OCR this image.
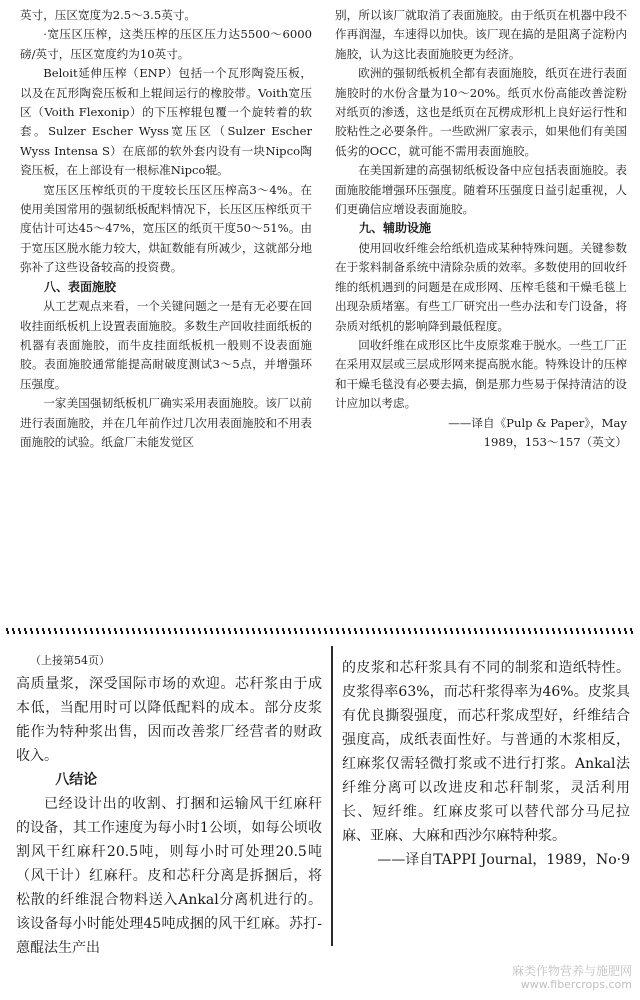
英寸，压区宽度为2.5～3.5英寸。

·宽压区压榨，这类压榨的压区压力达5500～6000磅/英寸，压区宽度约为10英寸。

Beloit延伸压榨（ENP）包括一个瓦形陶瓷压板，以及在瓦形陶瓷压板和上辊间运行的橡胶带。Voith宽压区（Voith Flexonip）的下压榨辊包覆一个旋转着的软套。Sulzer Escher Wyss宽压区（Sulzer Escher Wyss Intensa S）在底部的软外套内设有一块Nipco陶瓷压板，在上部设有一根标准Nipco辊。

宽压区压榨纸页的干度较长压区压榨高3～4%。在使用美国常用的强韧纸板配料情况下，长压区压榨纸页干度估计可达45～47%，宽压区的纸页干度50～51%。由于宽压区脱水能力较大，烘缸数能有所减少，这就部分地弥补了这些设备较高的投资费。

八、表面施胶

从工艺观点来看，一个关键问题之一是有无必要在回收挂面纸板机上设置表面施胶。多数生产回收挂面纸板的机器有表面施胶，而牛皮挂面纸板机一般则不设表面施胶。表面施胶通常能提高耐破度测试3～5点，并增强环压强度。

一家美国强韧纸板机厂确实采用表面施胶。该厂以前进行表面施胶，并在几年前作过几次用表面施胶和不用表面施胶的试验。纸盒厂未能发觉区

别，所以该厂就取消了表面施胶。由于纸页在机器中段不作再润湿，车速得以加快。该厂现在搞的是阻离子淀粉内施胶，认为这比表面施胶更为经济。

欧洲的强韧纸板机全都有表面施胶，纸页在进行表面施胶时的水份含量为10～20%。纸页水份高能改善淀粉对纸页的渗透，这也是纸页在瓦楞成形机上良好运行性和胶粘性之必要条件。一些欧洲厂家表示，如果他们有美国低劣的OCC，就可能不需用表面施胶。

在美国新建的高强韧纸板设备中应包括表面施胶。表面施胶能增强环压强度。随着环压强度日益引起重视，人们更确信应增设表面施胶。

九、辅助设施

使用回收纤维会给纸机造成某种特殊问题。关键参数在于浆料制备系统中清除杂质的效率。多数使用的回收纤维的纸机遇到的问题是在成形网、压榨毛毯和干燥毛毯上出现杂质堵塞。有些工厂研究出一些办法和专门设备，将杂质对纸机的影响降到最低程度。

回收纤维在成形区比牛皮原浆难于脱水。一些工厂正在采用双层或三层成形网来提高脱水能。特殊设计的压榨和干燥毛毯没有必要去搞，倒是那力些易于保持清洁的设计应加以考虑。

——译自《Pulp & Paper》，May

1989，153～157（英文）

（上接第54页）

高质量浆，深受国际市场的欢迎。芯秆浆由于成本低，当配用时可以降低配料的成本。部分皮浆能作为特种浆出售，因而改善浆厂经营者的财政收入。

八结论

已经设计出的收割、打捆和运输风干红麻秆的设备，其工作速度为每小时1公顷，如每公顷收割风干红麻秆20.5吨，则每小时可处理20.5吨（风干计）红麻秆。皮和芯秆分离是拆捆后，将松散的纤维混合物料送入Ankal分离机进行的。该设备每小时能处理45吨成捆的风干红麻。苏打-蒽醌法生产出

的皮浆和芯秆浆具有不同的制浆和造纸特性。皮浆得率63%，而芯秆浆得率为46%。皮浆具有优良撕裂强度，而芯秆浆成型好，纤维结合强度高，成纸表面性好。与普通的木浆相反，红麻浆仅需轻微打浆或不进行打浆。Ankal法纤维分离可以改进皮和芯秆制浆，灵活利用长、短纤维。红麻皮浆可以替代部分马尼拉麻、亚麻、大麻和西沙尔麻特种浆。

——译自TAPPI Journal，1989，No·9

麻类作物营养与施肥网
www.fibercrops.com
